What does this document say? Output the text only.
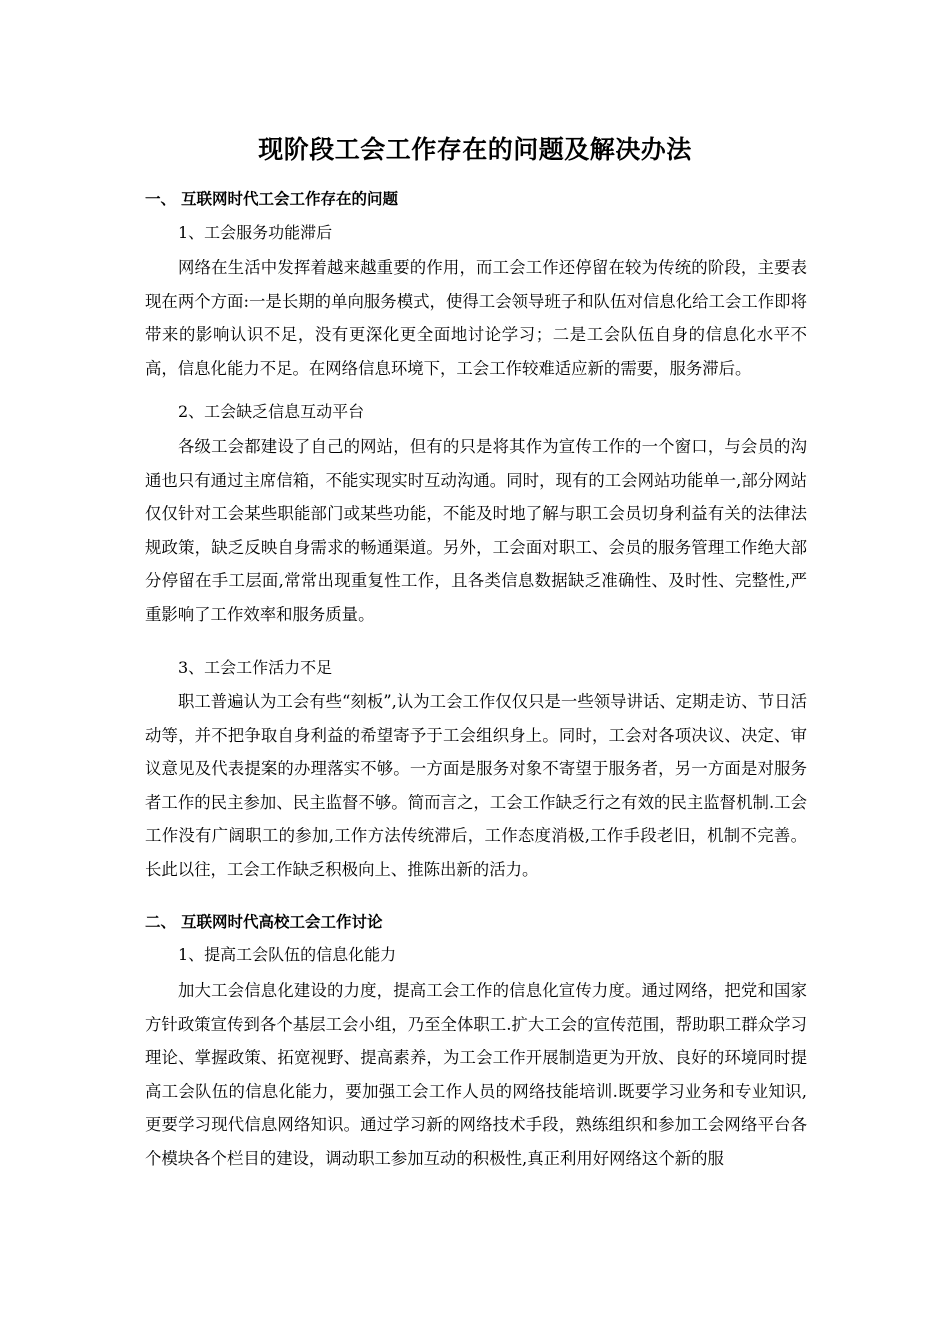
现阶段工会工作存在的问题及解决办法
一、 互联网时代工会工作存在的问题
1、工会服务功能滞后

网络在生活中发挥着越来越重要的作用，而工会工作还停留在较为传统的阶段，主要表现在两个方面:一是长期的单向服务模式，使得工会领导班子和队伍对信息化给工会工作即将带来的影响认识不足，没有更深化更全面地讨论学习；二是工会队伍自身的信息化水平不高，信息化能力不足。在网络信息环境下，工会工作较难适应新的需要，服务滞后。

2、工会缺乏信息互动平台

各级工会都建设了自己的网站，但有的只是将其作为宣传工作的一个窗口，与会员的沟通也只有通过主席信箱，不能实现实时互动沟通。同时，现有的工会网站功能单一,部分网站仅仅针对工会某些职能部门或某些功能，不能及时地了解与职工会员切身利益有关的法律法规政策，缺乏反映自身需求的畅通渠道。另外，工会面对职工、会员的服务管理工作绝大部分停留在手工层面,常常出现重复性工作，且各类信息数据缺乏准确性、及时性、完整性,严重影响了工作效率和服务质量。

3、工会工作活力不足

职工普遍认为工会有些“刻板”,认为工会工作仅仅只是一些领导讲话、定期走访、节日活动等，并不把争取自身利益的希望寄予于工会组织身上。同时，工会对各项决议、决定、审议意见及代表提案的办理落实不够。一方面是服务对象不寄望于服务者，另一方面是对服务者工作的民主参加、民主监督不够。简而言之，工会工作缺乏行之有效的民主监督机制.工会工作没有广阔职工的参加,工作方法传统滞后，工作态度消极,工作手段老旧，机制不完善。长此以往，工会工作缺乏积极向上、推陈出新的活力。

二、 互联网时代高校工会工作讨论
1、提高工会队伍的信息化能力

加大工会信息化建设的力度，提高工会工作的信息化宣传力度。通过网络，把党和国家方针政策宣传到各个基层工会小组，乃至全体职工.扩大工会的宣传范围，帮助职工群众学习理论、掌握政策、拓宽视野、提高素养，为工会工作开展制造更为开放、良好的环境同时提高工会队伍的信息化能力，要加强工会工作人员的网络技能培训.既要学习业务和专业知识,更要学习现代信息网络知识。通过学习新的网络技术手段，熟练组织和参加工会网络平台各个模块各个栏目的建设，调动职工参加互动的积极性,真正利用好网络这个新的服
